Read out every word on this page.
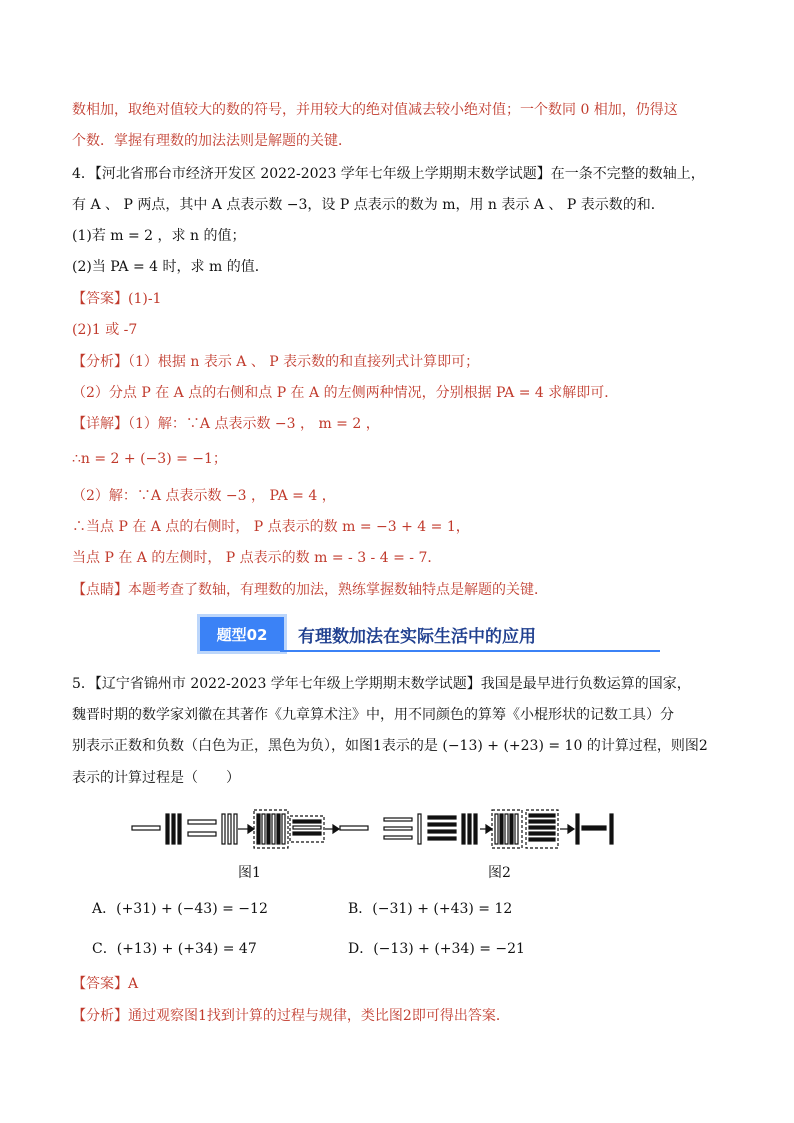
数相加，取绝对值较大的数的符号，并用较大的绝对值减去较小绝对值；一个数同 0 相加，仍得这
个数．掌握有理数的加法法则是解题的关键．
4．【河北省邢台市经济开发区 2022-2023 学年七年级上学期期末数学试题】在一条不完整的数轴上，
有 A 、 P 两点，其中 A 点表示数 −3，设 P 点表示的数为 m，用 n 表示 A 、 P 表示数的和．
(1)若 m = 2 ，求 n 的值；
(2)当 PA = 4 时，求 m 的值．
【答案】(1)-1
(2)1 或 -7
【分析】（1）根据 n 表示 A 、 P 表示数的和直接列式计算即可；
（2）分点 P 在 A 点的右侧和点 P 在 A 的左侧两种情况，分别根据 PA = 4 求解即可．
【详解】（1）解：∵A 点表示数 −3 ， m = 2 ，
∴n = 2 + (−3) = −1；
（2）解：∵A 点表示数 −3 ， PA = 4 ，
∴当点 P 在 A 点的右侧时， P 点表示的数 m = −3 + 4 = 1，
当点 P 在 A 的左侧时， P 点表示的数 m = - 3 - 4 = - 7．
【点睛】本题考查了数轴，有理数的加法，熟练掌握数轴特点是解题的关键．
题型02	有理数加法在实际生活中的应用
5．【辽宁省锦州市 2022-2023 学年七年级上学期期末数学试题】我国是最早进行负数运算的国家，
魏晋时期的数学家刘徽在其著作《九章算术注》中，用不同颜色的算筹《小棍形状的记数工具）分
别表示正数和负数（白色为正，黑色为负），如图1表示的是 (−13) + (+23) = 10 的计算过程，则图2
表示的计算过程是（　　）
图1	图2
A．(+31) + (−43) = −12	B．(−31) + (+43) = 12
C．(+13) + (+34) = 47	D．(−13) + (+34) = −21
【答案】A
【分析】通过观察图1找到计算的过程与规律，类比图2即可得出答案．
